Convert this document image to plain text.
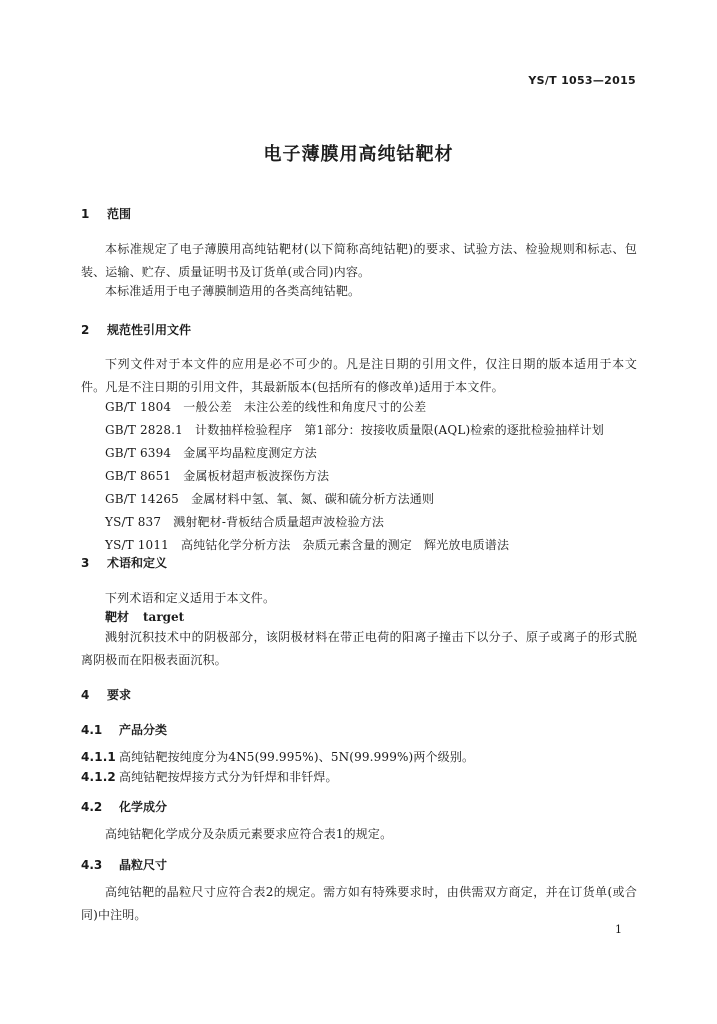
YS/T 1053—2015
电子薄膜用高纯钴靶材
1 范围

本标准规定了电子薄膜用高纯钴靶材(以下简称高纯钴靶)的要求、试验方法、检验规则和标志、包装、运输、贮存、质量证明书及订货单(或合同)内容。

本标准适用于电子薄膜制造用的各类高纯钴靶。

2 规范性引用文件

下列文件对于本文件的应用是必不可少的。凡是注日期的引用文件，仅注日期的版本适用于本文件。凡是不注日期的引用文件，其最新版本(包括所有的修改单)适用于本文件。

GB/T 1804　一般公差　未注公差的线性和角度尺寸的公差
GB/T 2828.1　计数抽样检验程序　第1部分：按接收质量限(AQL)检索的逐批检验抽样计划
GB/T 6394　金属平均晶粒度测定方法
GB/T 8651　金属板材超声板波探伤方法
GB/T 14265　金属材料中氢、氧、氮、碳和硫分析方法通则
YS/T 837　溅射靶材-背板结合质量超声波检验方法
YS/T 1011　高纯钴化学分析方法　杂质元素含量的测定　辉光放电质谱法
3 术语和定义

下列术语和定义适用于本文件。

靶材 target

溅射沉积技术中的阴极部分，该阴极材料在带正电荷的阳离子撞击下以分子、原子或离子的形式脱离阴极而在阳极表面沉积。

4 要求
4.1 产品分类
4.1.1 高纯钴靶按纯度分为4N5(99.995%)、5N(99.999%)两个级别。
4.1.2 高纯钴靶按焊接方式分为钎焊和非钎焊。
4.2 化学成分

高纯钴靶化学成分及杂质元素要求应符合表1的规定。

4.3 晶粒尺寸

高纯钴靶的晶粒尺寸应符合表2的规定。需方如有特殊要求时，由供需双方商定，并在订货单(或合同)中注明。

1
